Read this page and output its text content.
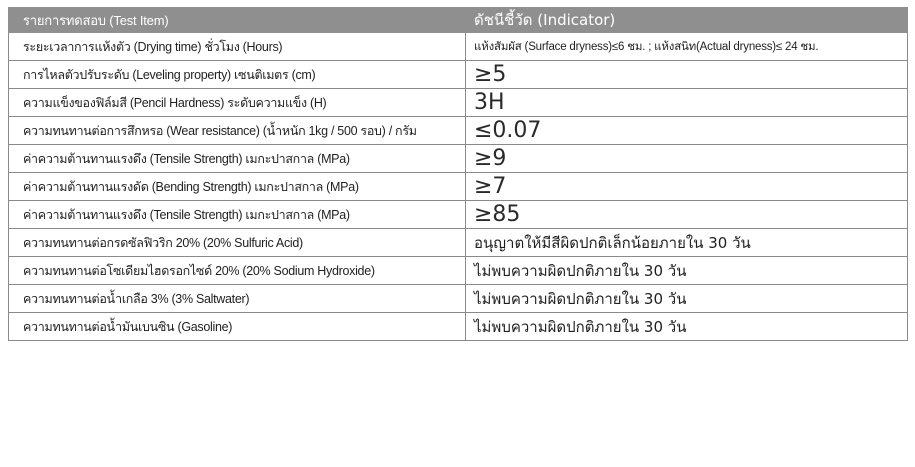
รายการทดสอบ (Test Item)	ดัชนีชี้วัด (Indicator)
ระยะเวลาการแห้งตัว (Drying time) ชั่วโมง (Hours)	แห้งสัมผัส (Surface dryness)≤6 ชม. ; แห้งสนิท(Actual dryness)≤ 24 ชม.
การไหลตัวปรับระดับ (Leveling property) เซนติเมตร (cm)	≥5
ความแข็งของฟิล์มสี (Pencil Hardness) ระดับความแข็ง (H)	3H
ความทนทานต่อการสึกหรอ (Wear resistance) (น้ำหนัก 1kg / 500 รอบ) / กรัม	≤0.07
ค่าความต้านทานแรงดึง (Tensile Strength) เมกะปาสกาล (MPa)	≥9
ค่าความต้านทานแรงดัด (Bending Strength) เมกะปาสกาล (MPa)	≥7
ค่าความต้านทานแรงดึง (Tensile Strength) เมกะปาสกาล (MPa)	≥85
ความทนทานต่อกรดซัลฟิวริก 20% (20% Sulfuric Acid)	อนุญาตให้มีสีผิดปกติเล็กน้อยภายใน 30 วัน
ความทนทานต่อโซเดียมไฮดรอกไซด์ 20% (20% Sodium Hydroxide)	ไม่พบความผิดปกติภายใน 30 วัน
ความทนทานต่อน้ำเกลือ 3% (3% Saltwater)	ไม่พบความผิดปกติภายใน 30 วัน
ความทนทานต่อน้ำมันเบนซิน (Gasoline)	ไม่พบความผิดปกติภายใน 30 วัน
